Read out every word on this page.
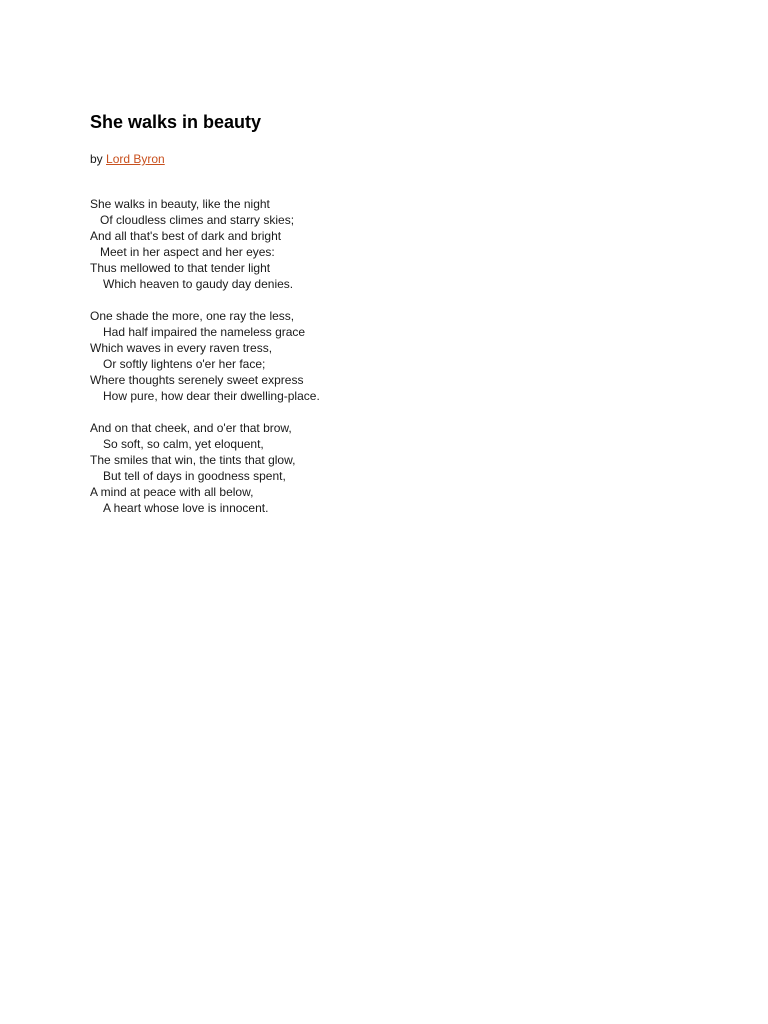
She walks in beauty
by Lord Byron
She walks in beauty, like the night
Of cloudless climes and starry skies;
And all that's best of dark and bright
Meet in her aspect and her eyes:
Thus mellowed to that tender light
Which heaven to gaudy day denies.
One shade the more, one ray the less,
Had half impaired the nameless grace
Which waves in every raven tress,
Or softly lightens o'er her face;
Where thoughts serenely sweet express
How pure, how dear their dwelling-place.
And on that cheek, and o'er that brow,
So soft, so calm, yet eloquent,
The smiles that win, the tints that glow,
But tell of days in goodness spent,
A mind at peace with all below,
A heart whose love is innocent.
